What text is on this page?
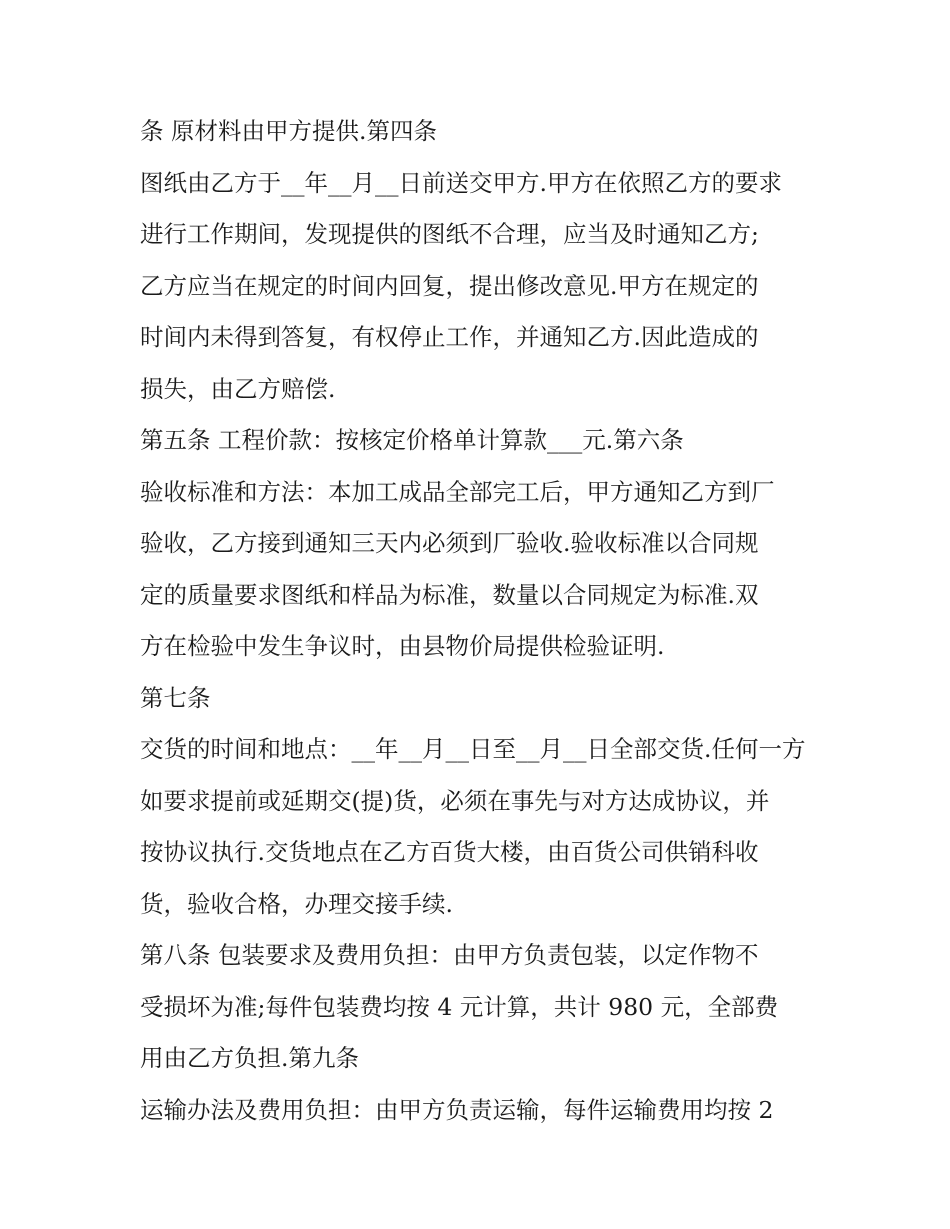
条 原材料由甲方提供.第四条
图纸由乙方于__年__月__日前送交甲方.甲方在依照乙方的要求
进行工作期间，发现提供的图纸不合理，应当及时通知乙方;
乙方应当在规定的时间内回复，提出修改意见.甲方在规定的
时间内未得到答复，有权停止工作，并通知乙方.因此造成的
损失，由乙方赔偿.
第五条 工程价款：按核定价格单计算款___元.第六条
验收标准和方法：本加工成品全部完工后，甲方通知乙方到厂
验收，乙方接到通知三天内必须到厂验收.验收标准以合同规
定的质量要求图纸和样品为标准，数量以合同规定为标准.双
方在检验中发生争议时，由县物价局提供检验证明.
第七条
交货的时间和地点：__年__月__日至__月__日全部交货.任何一方
如要求提前或延期交(提)货，必须在事先与对方达成协议，并
按协议执行.交货地点在乙方百货大楼，由百货公司供销科收
货，验收合格，办理交接手续.
第八条 包装要求及费用负担：由甲方负责包装，以定作物不
受损坏为准;每件包装费均按 4 元计算，共计 980 元，全部费
用由乙方负担.第九条
运输办法及费用负担：由甲方负责运输，每件运输费用均按 2
